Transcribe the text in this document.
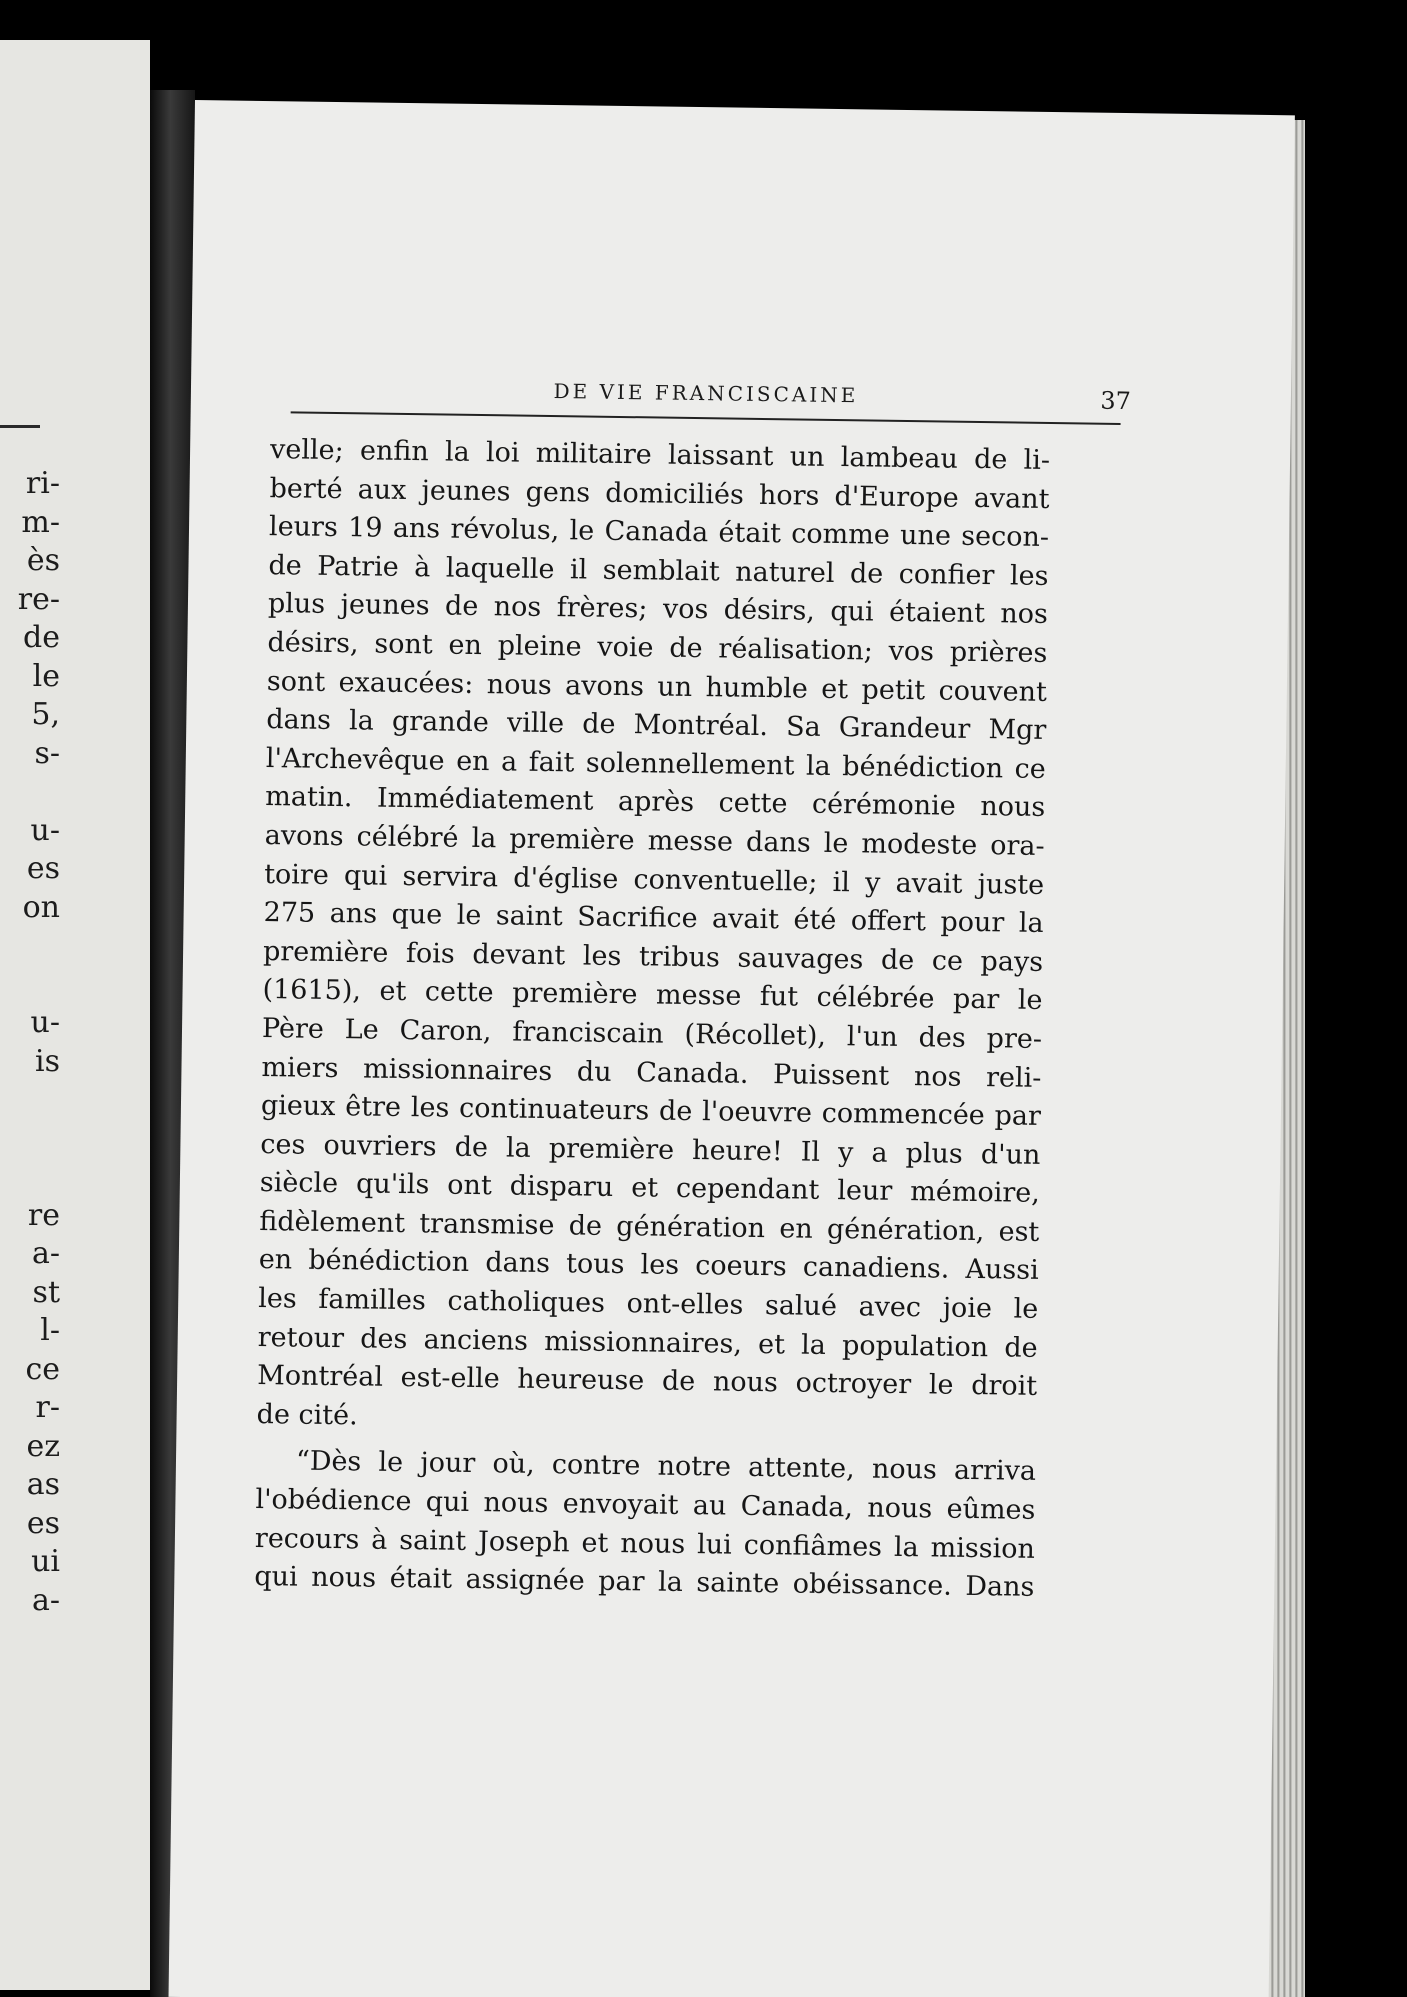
ri-
m-
ès
re-
de
le
5,
s-
u-
es
on
u-
is
re
a-
st
l-
ce
r-
ez
as
es
ui
a-
DE VIE FRANCISCAINE	37
velle; enfin la loi militaire laissant un lambeau de li-
berté aux jeunes gens domiciliés hors d'Europe avant
leurs 19 ans révolus, le Canada était comme une secon-
de Patrie à laquelle il semblait naturel de confier les
plus jeunes de nos frères; vos désirs, qui étaient nos
désirs, sont en pleine voie de réalisation; vos prières
sont exaucées: nous avons un humble et petit couvent
dans la grande ville de Montréal. Sa Grandeur Mgr
l'Archevêque en a fait solennellement la bénédiction ce
matin. Immédiatement après cette cérémonie nous
avons célébré la première messe dans le modeste ora-
toire qui servira d'église conventuelle; il y avait juste
275 ans que le saint Sacrifice avait été offert pour la
première fois devant les tribus sauvages de ce pays
(1615), et cette première messe fut célébrée par le
Père Le Caron, franciscain (Récollet), l'un des pre-
miers missionnaires du Canada. Puissent nos reli-
gieux être les continuateurs de l'oeuvre commencée par
ces ouvriers de la première heure! Il y a plus d'un
siècle qu'ils ont disparu et cependant leur mémoire,
fidèlement transmise de génération en génération, est
en bénédiction dans tous les coeurs canadiens. Aussi
les familles catholiques ont-elles salué avec joie le
retour des anciens missionnaires, et la population de
Montréal est-elle heureuse de nous octroyer le droit
de cité.
“Dès le jour où, contre notre attente, nous arriva
l'obédience qui nous envoyait au Canada, nous eûmes
recours à saint Joseph et nous lui confiâmes la mission
qui nous était assignée par la sainte obéissance. Dans
